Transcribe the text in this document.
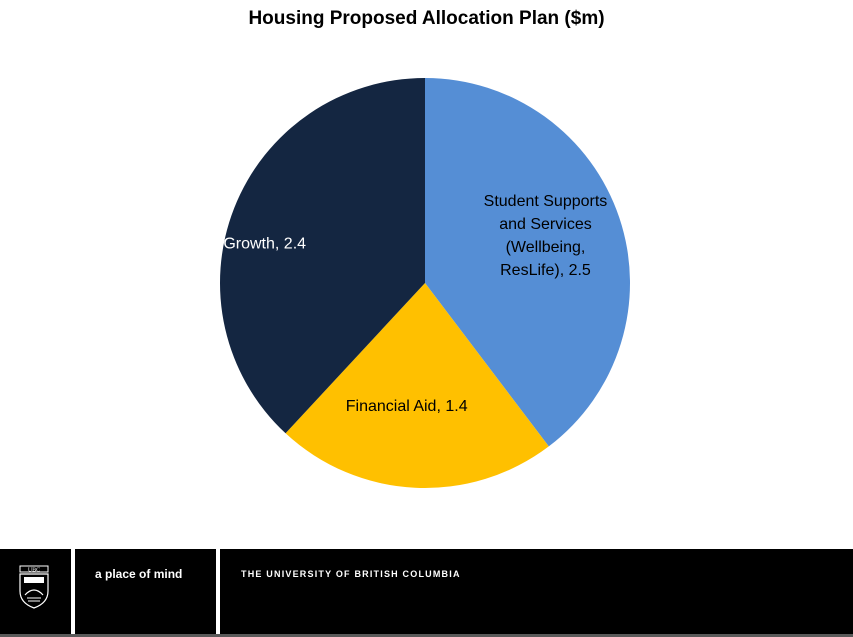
Housing Proposed Allocation Plan ($m)
Student Supports and Services (Wellbeing, ResLife), 2.5
Financial Aid, 1.4
Growth, 2.4
UBC	a place of mind	THE UNIVERSITY OF BRITISH COLUMBIA
